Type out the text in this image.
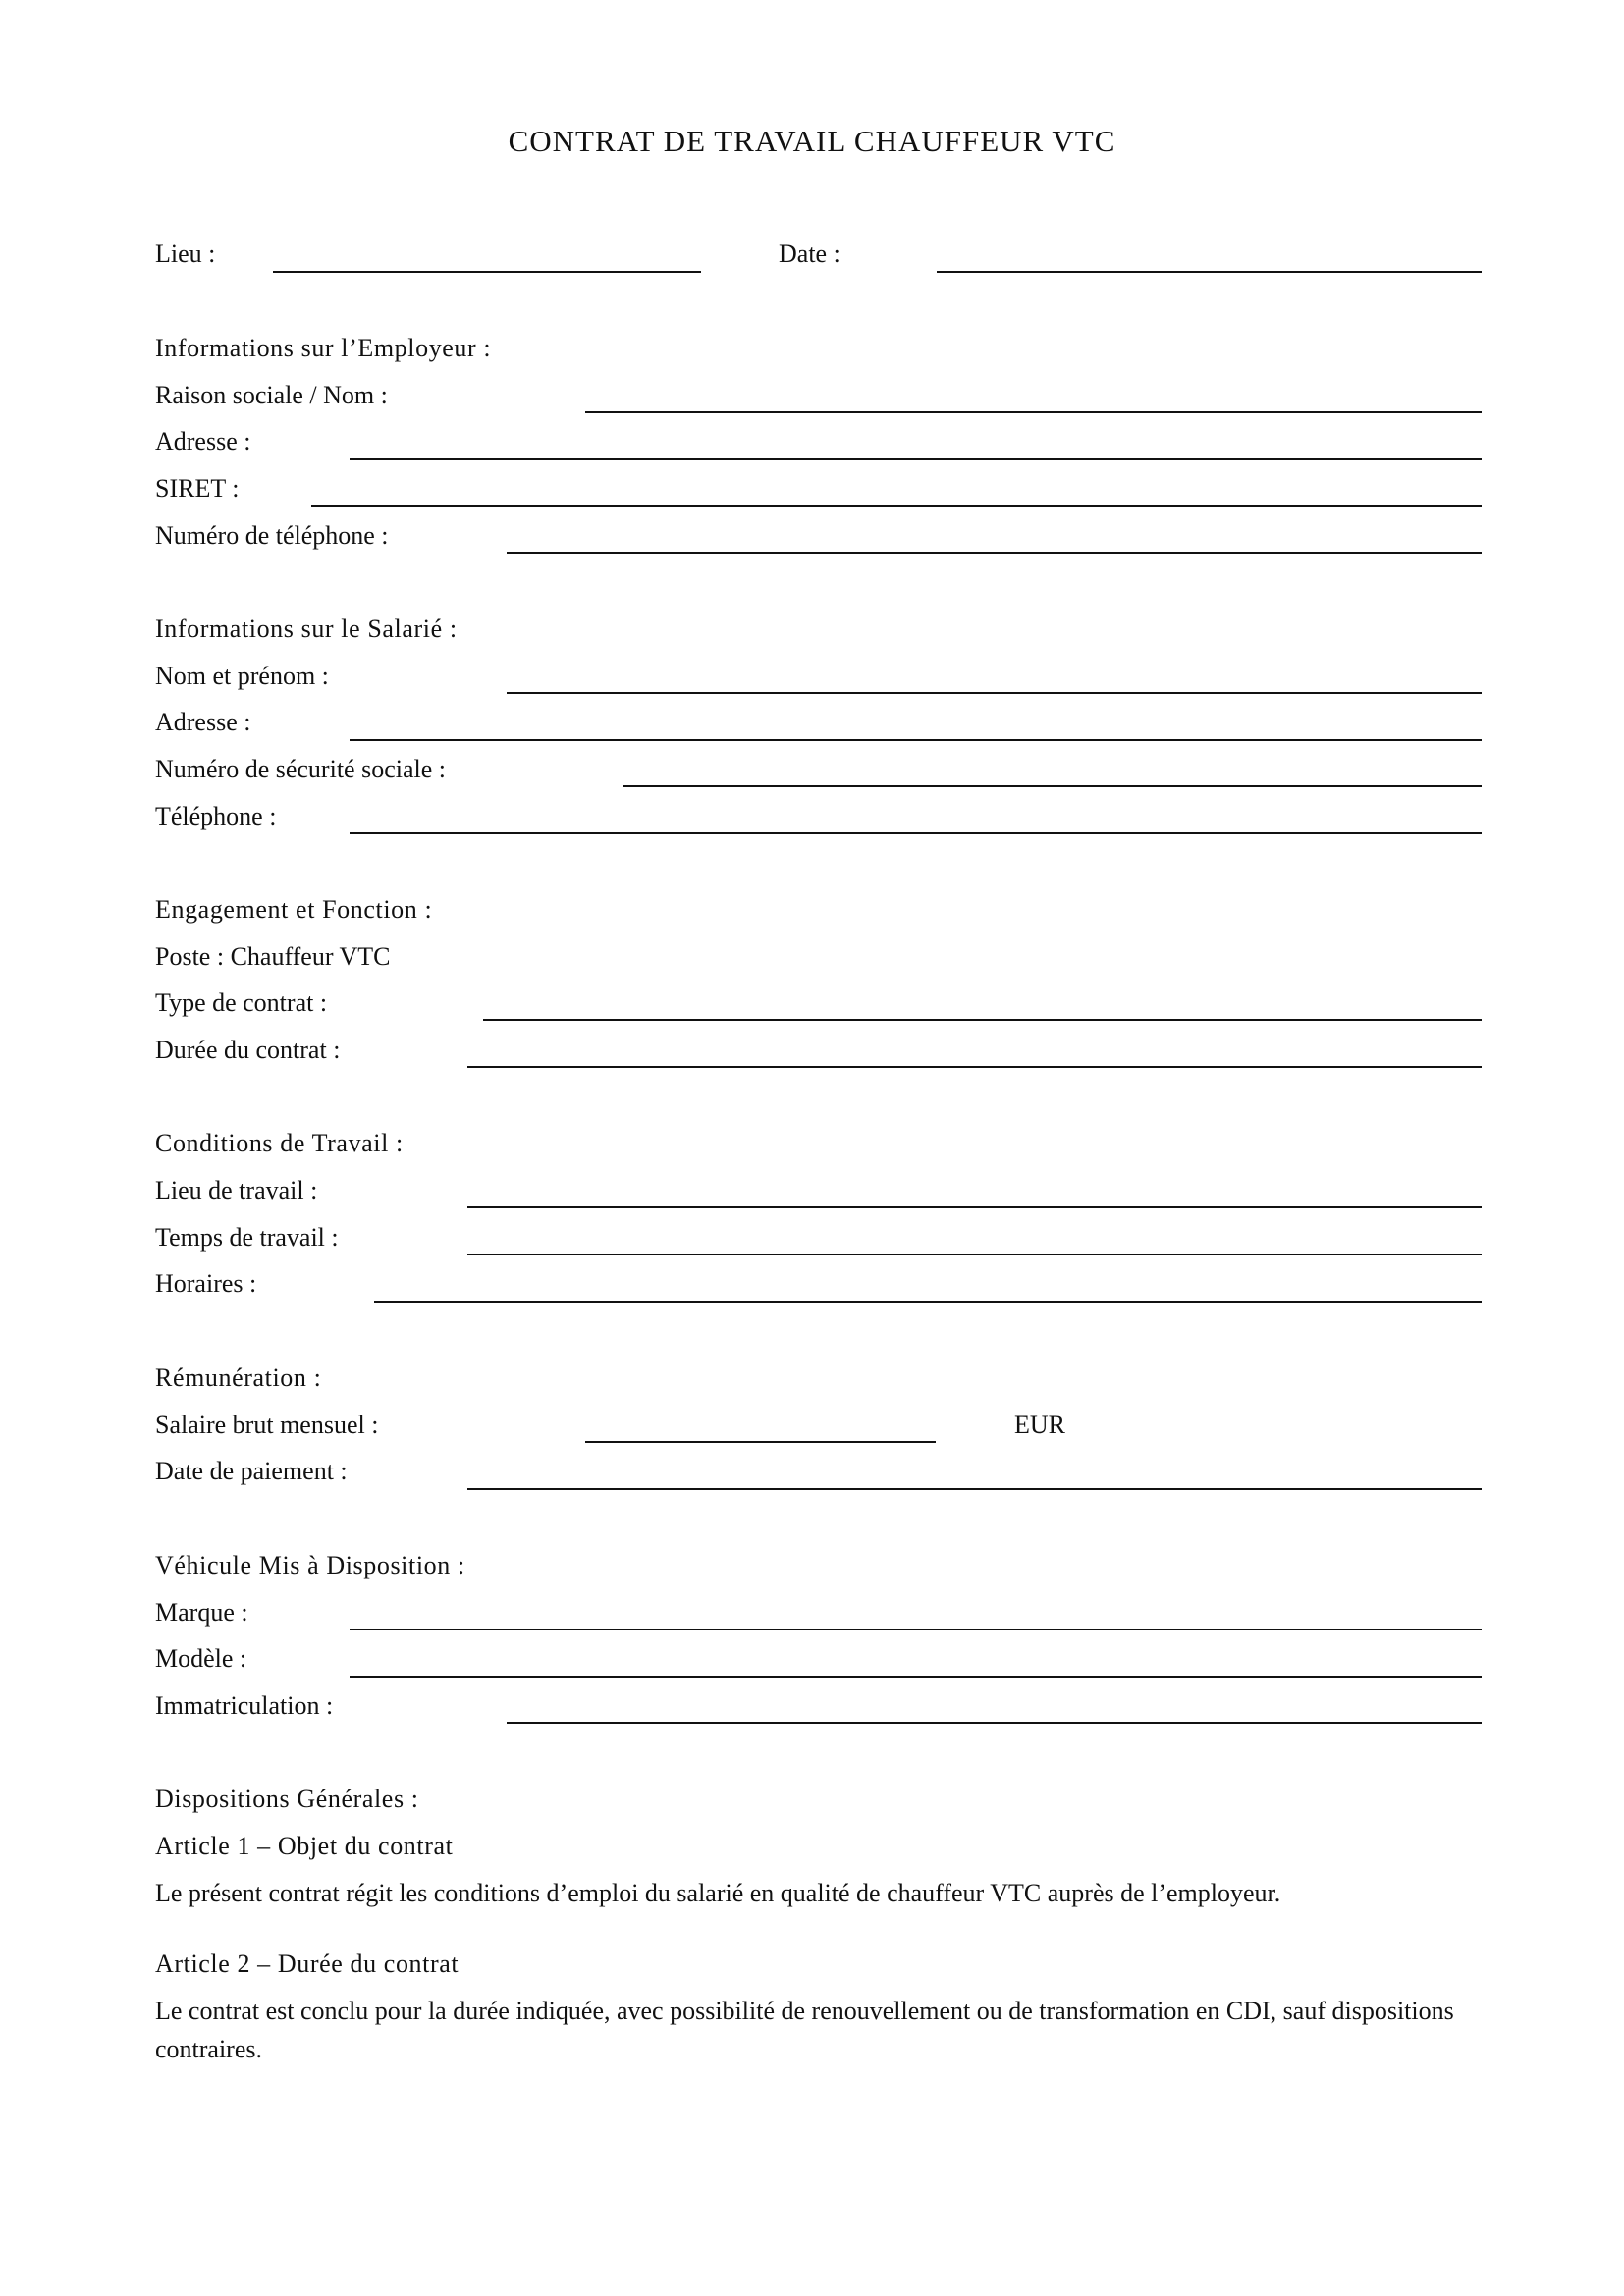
CONTRAT DE TRAVAIL CHAUFFEUR VTC
Lieu :	Date :
Informations sur l’Employeur :
Raison sociale / Nom :
Adresse :
SIRET :
Numéro de téléphone :
Informations sur le Salarié :
Nom et prénom :
Adresse :
Numéro de sécurité sociale :
Téléphone :
Engagement et Fonction :
Poste : Chauffeur VTC
Type de contrat :
Durée du contrat :
Conditions de Travail :
Lieu de travail :
Temps de travail :
Horaires :
Rémunération :
Salaire brut mensuel :	EUR
Date de paiement :
Véhicule Mis à Disposition :
Marque :
Modèle :
Immatriculation :
Dispositions Générales :
Article 1 – Objet du contrat
Le présent contrat régit les conditions d’emploi du salarié en qualité de chauffeur VTC auprès de l’employeur.
Article 2 – Durée du contrat
Le contrat est conclu pour la durée indiquée, avec possibilité de renouvellement ou de transformation en CDI, sauf dispositions contraires.
